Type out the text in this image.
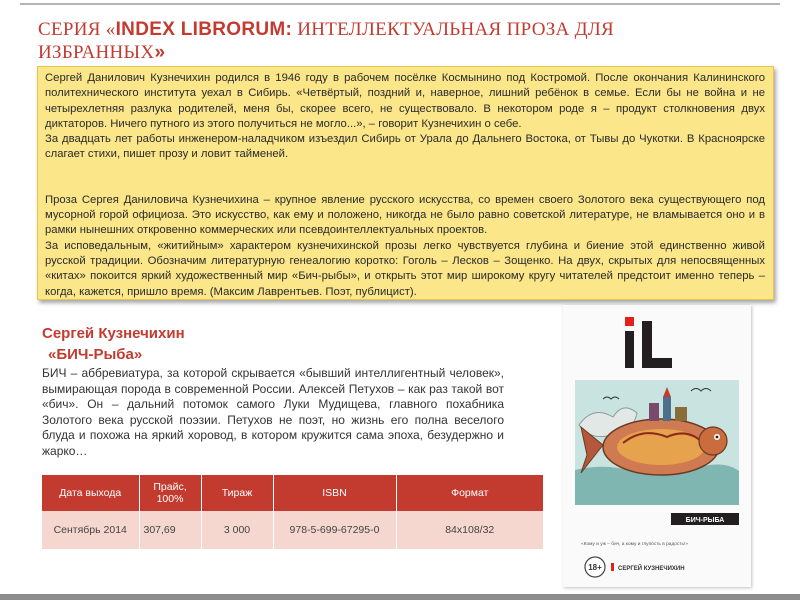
СЕРИЯ «INDEX LIBRORUM: ИНТЕЛЛЕКТУАЛЬНАЯ ПРОЗА ДЛЯ ИЗБРАННЫХ»

Сергей Данилович Кузнечихин родился в 1946 году в рабочем посёлке Космынино под Костромой. После окончания Калининского политехнического института уехал в Сибирь. «Четвёртый, поздний и, наверное, лишний ребёнок в семье. Если бы не война и не четырехлетняя разлука родителей, меня бы, скорее всего, не существовало. В некотором роде я – продукт столкновения двух диктаторов. Ничего путного из этого получиться не могло...», – говорит Кузнечихин о себе.

За двадцать лет работы инженером-наладчиком изъездил Сибирь от Урала до Дальнего Востока, от Тывы до Чукотки. В Красноярске слагает стихи, пишет прозу и ловит тайменей.

Проза Сергея Даниловича Кузнечихина – крупное явление русского искусства, со времен своего Золотого века существующего под мусорной горой официоза. Это искусство, как ему и положено, никогда не было равно советской литературе, не вламывается оно и в рамки нынешних откровенно коммерческих или псевдоинтеллектуальных проектов.

За исповедальным, «житийным» характером кузнечихинской прозы легко чувствуется глубина и биение этой единственно живой русской традиции. Обозначим литературную генеалогию коротко: Гоголь – Лесков – Зощенко. На двух, скрытых для непосвященных «китах» покоится яркий художественный мир «Бич-рыбы», и открыть этот мир широкому кругу читателей предстоит именно теперь – когда, кажется, пришло время. (Максим Лаврентьев. Поэт, публицист).

Сергей Кузнечихин
«БИЧ-Рыба»
БИЧ – аббревиатура, за которой скрывается «бывший интеллигентный человек», вымирающая порода в современной России. Алексей Петухов – как раз такой вот «бич». Он – дальний потомок самого Луки Мудищева, главного похабника Золотого века русской поэзии. Петухов не поэт, но жизнь его полна веселого блуда и похожа на яркий хоровод, в котором кружится сама эпоха, безудержно и жарко…
Дата выхода	Прайс, 100%	Тираж	ISBN	Формат
Сентябрь 2014	307,69	3 000	978-5-699-67295-0	84х108/32
БИЧ-РЫБА
«Кому и уж – бич, а кому и глупость в радость!»
18+	СЕРГЕЙ КУЗНЕЧИХИН
